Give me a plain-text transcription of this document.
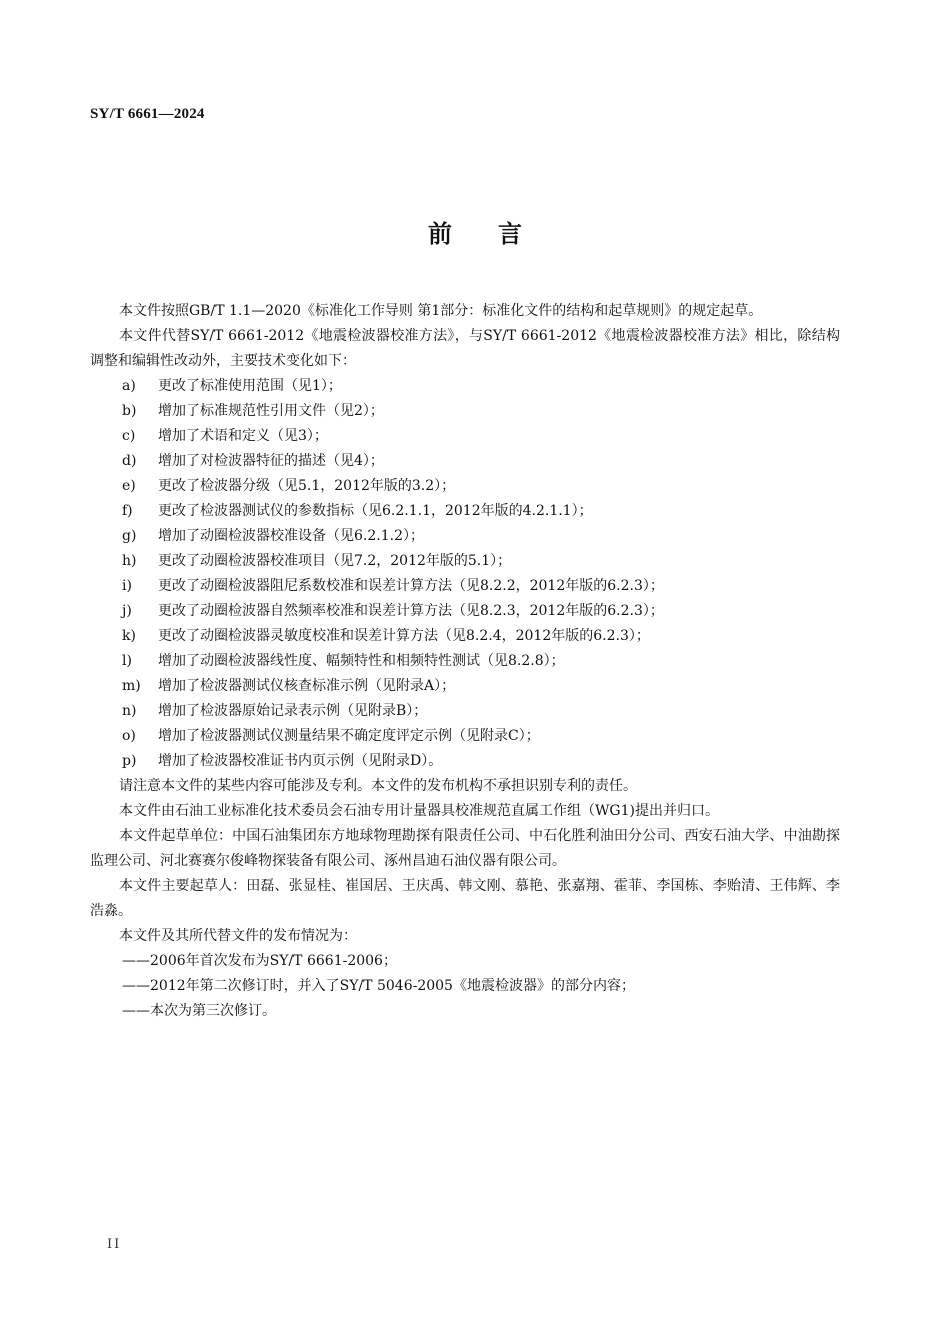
SY/T 6661—2024
前言

本文件按照GB/T 1.1—2020《标准化工作导则 第1部分：标准化文件的结构和起草规则》的规定起草。

本文件代替SY/T 6661-2012《地震检波器校准方法》，与SY/T 6661-2012《地震检波器校准方法》相比，除结构调整和编辑性改动外，主要技术变化如下：

a) 更改了标准使用范围（见1）；

b) 增加了标准规范性引用文件（见2）；

c) 增加了术语和定义（见3）；

d) 增加了对检波器特征的描述（见4）；

e) 更改了检波器分级（见5.1，2012年版的3.2）；

f) 更改了检波器测试仪的参数指标（见6.2.1.1，2012年版的4.2.1.1）；

g) 增加了动圈检波器校准设备（见6.2.1.2）；

h) 更改了动圈检波器校准项目（见7.2，2012年版的5.1）；

i) 更改了动圈检波器阻尼系数校准和误差计算方法（见8.2.2，2012年版的6.2.3）；

j) 更改了动圈检波器自然频率校准和误差计算方法（见8.2.3，2012年版的6.2.3）；

k) 更改了动圈检波器灵敏度校准和误差计算方法（见8.2.4，2012年版的6.2.3）；

l) 增加了动圈检波器线性度、幅频特性和相频特性测试（见8.2.8）；

m) 增加了检波器测试仪核查标准示例（见附录A）；

n) 增加了检波器原始记录表示例（见附录B）；

o) 增加了检波器测试仪测量结果不确定度评定示例（见附录C）；

p) 增加了检波器校准证书内页示例（见附录D）。

请注意本文件的某些内容可能涉及专利。本文件的发布机构不承担识别专利的责任。

本文件由石油工业标准化技术委员会石油专用计量器具校准规范直属工作组（WG1)提出并归口。

本文件起草单位：中国石油集团东方地球物理勘探有限责任公司、中石化胜利油田分公司、西安石油大学、中油勘探监理公司、河北赛赛尔俊峰物探装备有限公司、涿州昌迪石油仪器有限公司。

本文件主要起草人：田磊、张显桂、崔国居、王庆禹、韩文刚、慕艳、张嘉翔、霍菲、李国栋、李贻清、王伟辉、李浩淼。

本文件及其所代替文件的发布情况为：

——2006年首次发布为SY/T 6661-2006；

——2012年第二次修订时，并入了SY/T 5046-2005《地震检波器》的部分内容；

——本次为第三次修订。

II
